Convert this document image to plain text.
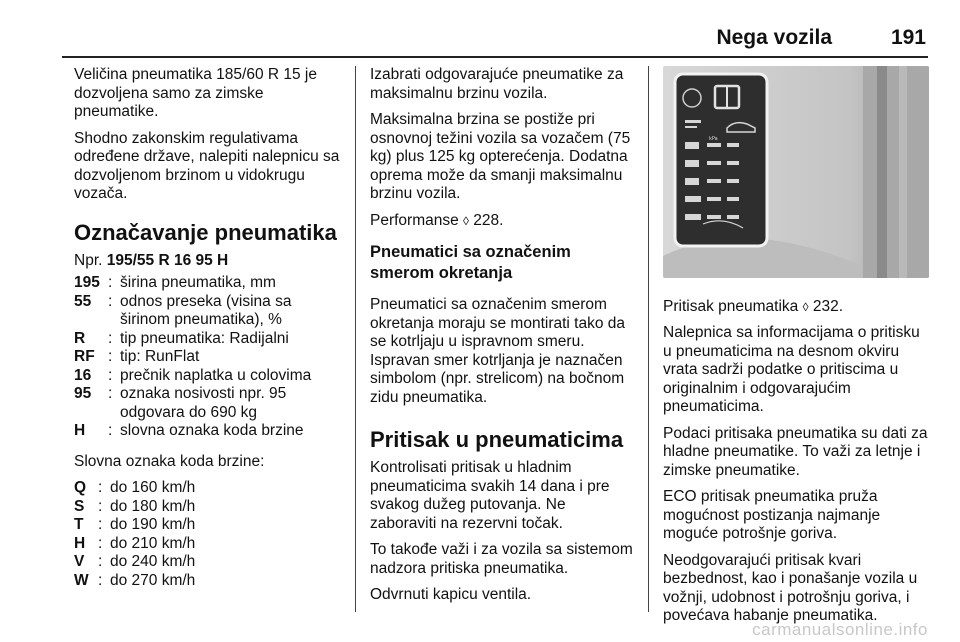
Nega vozila	191

Veličina pneumatika 185/60 R 15 je dozvoljena samo za zimske pneumatike.

Shodno zakonskim regulativama određene države, nalepiti nalepnicu sa dozvoljenom brzinom u vidokrugu vozača.

Označavanje pneumatika

Npr. 195/55 R 16 95 H

195 : širina pneumatika, mm
55	: odnos preseka (visina sa širinom pneumatika), %
R	: tip pneumatika: Radijalni
RF : tip: RunFlat
16	: prečnik naplatka u colovima
95	: oznaka nosivosti npr. 95 odgovara do 690 kg
H	: slovna oznaka koda brzine

Slovna oznaka koda brzine:

Q : do 160 km/h
S : do 180 km/h
T : do 190 km/h
H : do 210 km/h
V : do 240 km/h
W : do 270 km/h

Izabrati odgovarajuće pneumatike za maksimalnu brzinu vozila.

Maksimalna brzina se postiže pri osnovnoj težini vozila sa vozačem (75 kg) plus 125 kg opterećenja. Dodatna oprema može da smanji maksimalnu brzinu vozila.

Performanse ◊ 228.

Pneumatici sa označenim smerom okretanja

Pneumatici sa označenim smerom okretanja moraju se montirati tako da se kotrljaju u ispravnom smeru. Ispravan smer kotrljanja je naznačen simbolom (npr. strelicom) na bočnom zidu pneumatika.

Pritisak u pneumaticima

Kontrolisati pritisak u hladnim pneumaticima svakih 14 dana i pre svakog dužeg putovanja. Ne zaboraviti na rezervni točak.

To takođe važi i za vozila sa sistemom nadzora pritiska pneumatika.

Odvrnuti kapicu ventila.

kPa

Pritisak pneumatika ◊ 232.

Nalepnica sa informacijama o pritisku u pneumaticima na desnom okviru vrata sadrži podatke o pritiscima u originalnim i odgovarajućim pneumaticima.

Podaci pritisaka pneumatika su dati za hladne pneumatike. To važi za letnje i zimske pneumatike.

ECO pritisak pneumatika pruža mogućnost postizanja najmanje moguće potrošnje goriva.

Neodgovarajući pritisak kvari bezbednost, kao i ponašanje vozila u vožnji, udobnost i potrošnju goriva, i povećava habanje pneumatika.

carmanualsonline.info
